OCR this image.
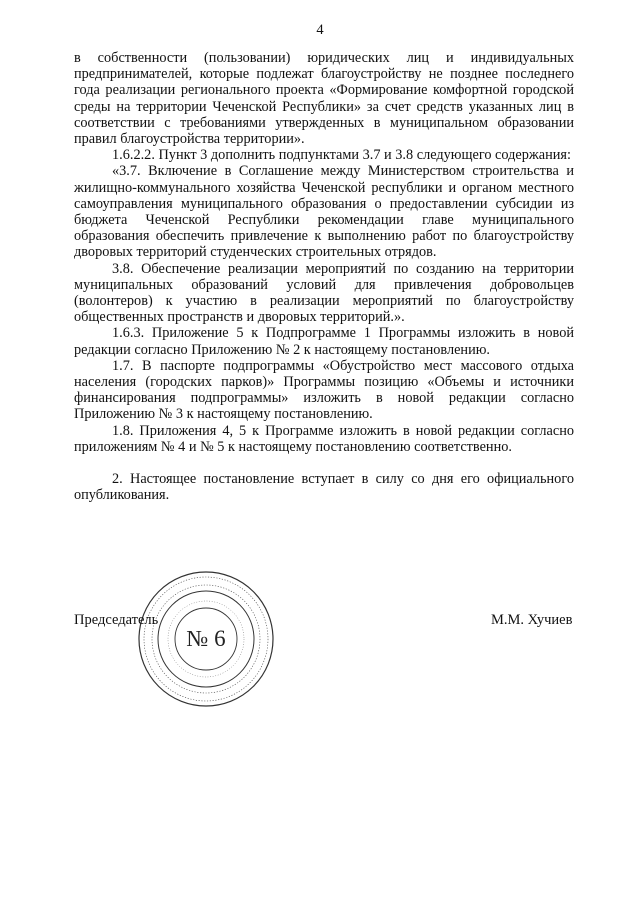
4

в собственности (пользовании) юридических лиц и индивидуальных предпринимателей, которые подлежат благоустройству не позднее последнего года реализации регионального проекта «Формирование комфортной городской среды на территории Чеченской Республики» за счет средств указанных лиц в соответствии с требованиями утвержденных в муниципальном образовании правил благоустройства территории».

1.6.2.2. Пункт 3 дополнить подпунктами 3.7 и 3.8 следующего содержания:

«3.7. Включение в Соглашение между Министерством строительства и жилищно-коммунального хозяйства Чеченской республики и органом местного самоуправления муниципального образования о предоставлении субсидии из бюджета Чеченской Республики рекомендации главе муниципального образования обеспечить привлечение к выполнению работ по благоустройству дворовых территорий студенческих строительных отрядов.

3.8. Обеспечение реализации мероприятий по созданию на территории муниципальных образований условий для привлечения добровольцев (волонтеров) к участию в реализации мероприятий по благоустройству общественных пространств и дворовых территорий.».

1.6.3. Приложение 5 к Подпрограмме 1 Программы изложить в новой редакции согласно Приложению № 2 к настоящему постановлению.

1.7. В паспорте подпрограммы «Обустройство мест массового отдыха населения (городских парков)» Программы позицию «Объемы и источники финансирования подпрограммы» изложить в новой редакции согласно Приложению № 3 к настоящему постановлению.

1.8. Приложения 4, 5 к Программе изложить в новой редакции согласно приложениям № 4 и № 5 к настоящему постановлению соответственно.

2. Настоящее постановление вступает в силу со дня его официального опубликования.

№ 6
Председатель	М.М. Хучиев
